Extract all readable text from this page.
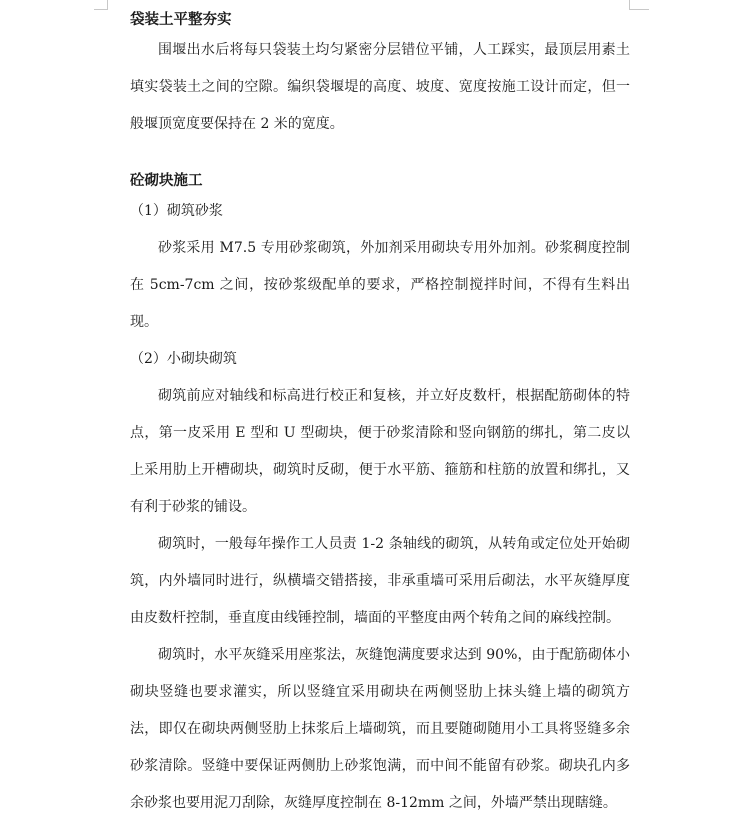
袋装土平整夯实

围堰出水后将每只袋装土均匀紧密分层错位平铺，人工踩实，最顶层用素土填实袋装土之间的空隙。编织袋堰堤的高度、坡度、宽度按施工设计而定，但一般堰顶宽度要保持在 2 米的宽度。

砼砌块施工

（1）砌筑砂浆

砂浆采用 M7.5 专用砂浆砌筑，外加剂采用砌块专用外加剂。砂浆稠度控制在 5cm-7cm 之间，按砂浆级配单的要求，严格控制搅拌时间，不得有生料出现。

（2）小砌块砌筑

砌筑前应对轴线和标高进行校正和复核，并立好皮数杆，根据配筋砌体的特点，第一皮采用 E 型和 U 型砌块，便于砂浆清除和竖向钢筋的绑扎，第二皮以上采用肋上开槽砌块，砌筑时反砌，便于水平筋、箍筋和柱筋的放置和绑扎，又有利于砂浆的铺设。

砌筑时，一般每年操作工人员责 1-2 条轴线的砌筑，从转角或定位处开始砌筑，内外墙同时进行，纵横墙交错搭接，非承重墙可采用后砌法，水平灰缝厚度由皮数杆控制，垂直度由线锤控制，墙面的平整度由两个转角之间的麻线控制。

砌筑时，水平灰缝采用座浆法，灰缝饱满度要求达到 90%，由于配筋砌体小砌块竖缝也要求灌实，所以竖缝宜采用砌块在两侧竖肋上抹头缝上墙的砌筑方法，即仅在砌块两侧竖肋上抹浆后上墙砌筑，而且要随砌随用小工具将竖缝多余砂浆清除。竖缝中要保证两侧肋上砂浆饱满，而中间不能留有砂浆。砌块孔内多余砂浆也要用泥刀刮除，灰缝厚度控制在 8-12mm 之间，外墙严禁出现瞎缝。
